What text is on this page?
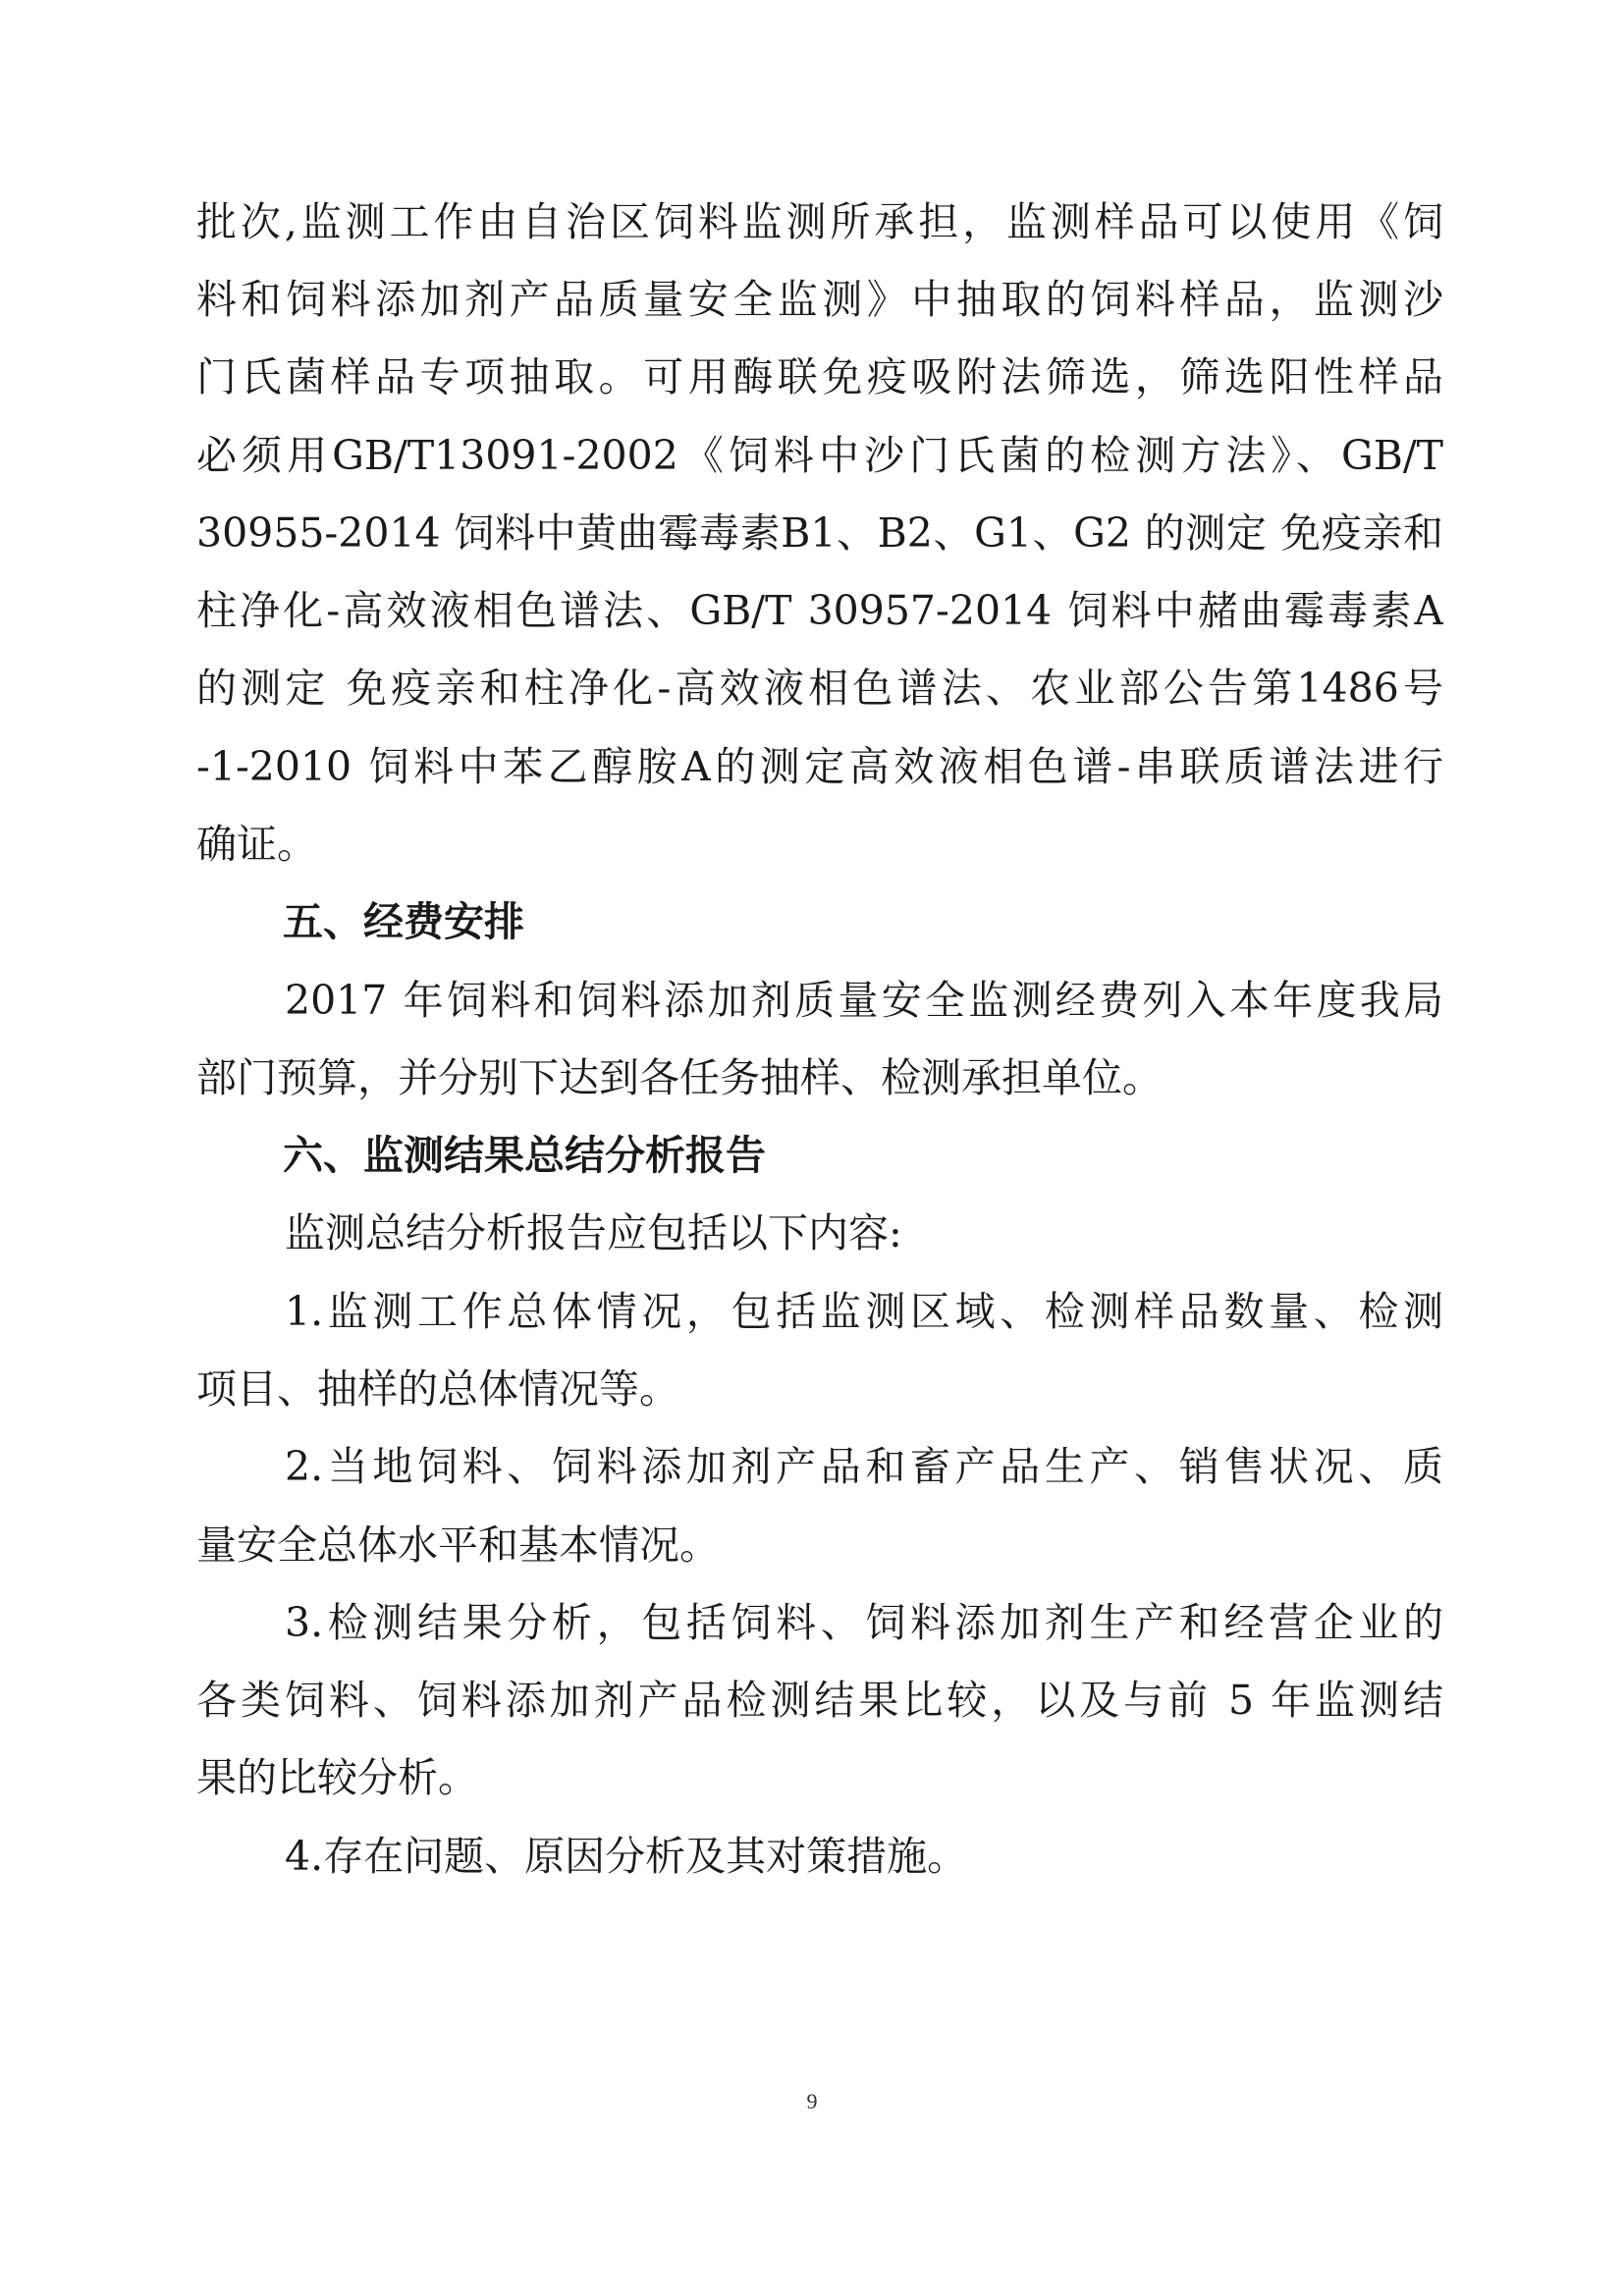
批次,监测工作由自治区饲料监测所承担，监测样品可以使用《饲
料和饲料添加剂产品质量安全监测》中抽取的饲料样品，监测沙
门氏菌样品专项抽取。可用酶联免疫吸附法筛选，筛选阳性样品
必须用GB/T13091-2002《饲料中沙门氏菌的检测方法》、GB/T
30955-2014 饲料中黄曲霉毒素B1、B2、G1、G2 的测定 免疫亲和
柱净化-高效液相色谱法、GB/T 30957-2014 饲料中赭曲霉毒素A
的测定 免疫亲和柱净化-高效液相色谱法、农业部公告第1486号
-1-2010 饲料中苯乙醇胺A的测定高效液相色谱-串联质谱法进行
确证。
五、经费安排
2017 年饲料和饲料添加剂质量安全监测经费列入本年度我局
部门预算，并分别下达到各任务抽样、检测承担单位。
六、监测结果总结分析报告
监测总结分析报告应包括以下内容:
1.监测工作总体情况，包括监测区域、检测样品数量、检测
项目、抽样的总体情况等。
2.当地饲料、饲料添加剂产品和畜产品生产、销售状况、质
量安全总体水平和基本情况。
3.检测结果分析，包括饲料、饲料添加剂生产和经营企业的
各类饲料、饲料添加剂产品检测结果比较，以及与前 5 年监测结
果的比较分析。
4.存在问题、原因分析及其对策措施。
9
